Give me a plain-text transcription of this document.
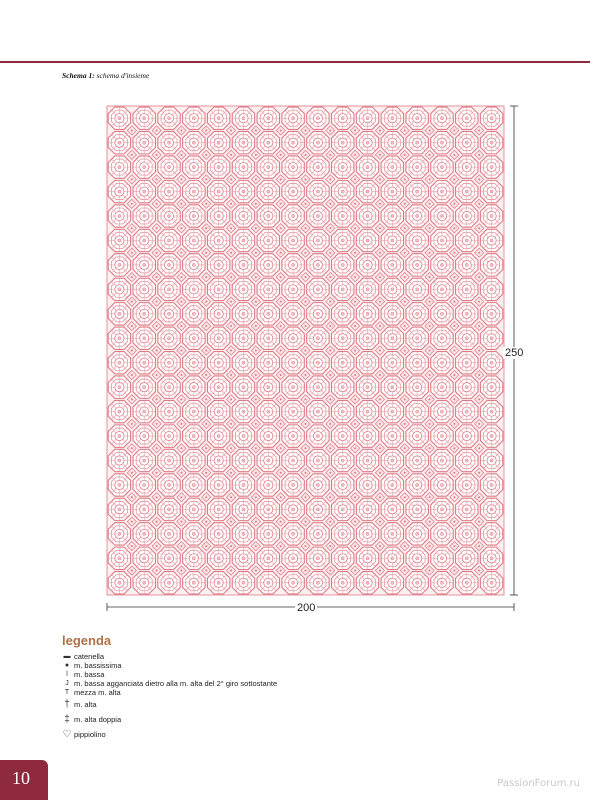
Schema 1: schema d'insieme
250
200
legenda
▬ catenella
● m. bassissima
ǀ m. bassa
J m. bassa agganciata dietro alla m. alta del 2° giro sottostante
T mezza m. alta
† m. alta
‡ m. alta doppia
♡ pippiolino
10	PassionForum.ru
